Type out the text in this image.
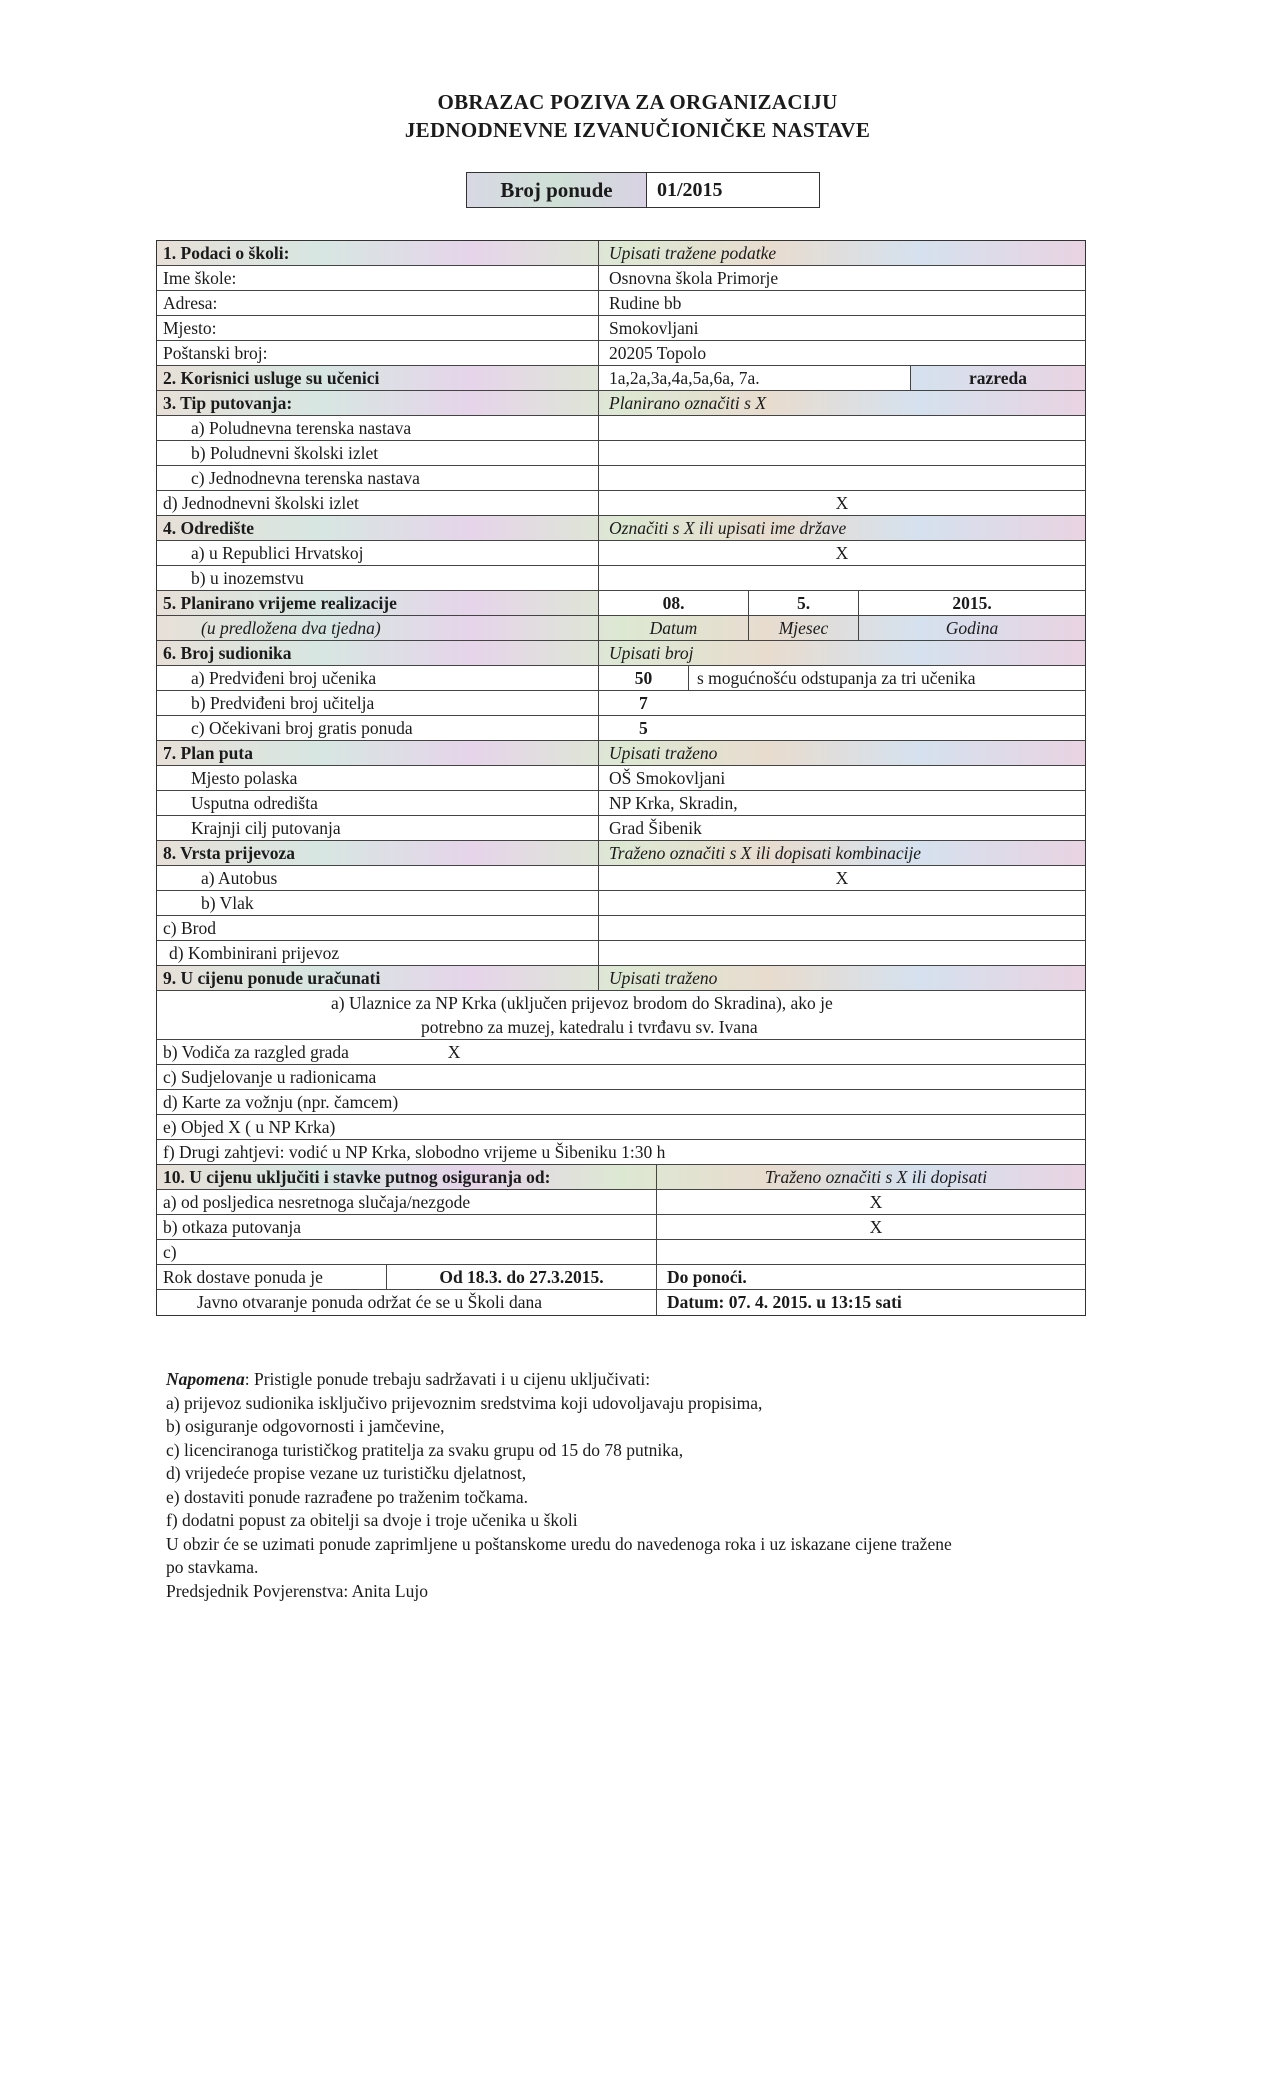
OBRAZAC POZIVA ZA ORGANIZACIJU
JEDNODNEVNE IZVANUČIONIČKE NASTAVE
Broj ponude	01/2015
1. Podaci o školi:	Upisati tražene podatke
Ime škole:	Osnovna škola Primorje
Adresa:	Rudine bb
Mjesto:	Smokovljani
Poštanski broj:	20205 Topolo
2. Korisnici usluge su učenici	1a,2a,3a,4a,5a,6a, 7a.	razreda
3. Tip putovanja:	Planirano označiti s X
a) Poludnevna terenska nastava
b) Poludnevni školski izlet
c) Jednodnevna terenska nastava
d) Jednodnevni školski izlet	X
4. Odredište	Označiti s X ili upisati ime države
a) u Republici Hrvatskoj	X
b) u inozemstvu
5. Planirano vrijeme realizacije	08.	5.	2015.
(u predložena dva tjedna)	Datum	Mjesec	Godina
6. Broj sudionika	Upisati broj
a) Predviđeni broj učenika	50	s mogućnošću odstupanja za tri učenika
b) Predviđeni broj učitelja	7
c) Očekivani broj gratis ponuda	5
7. Plan puta	Upisati traženo
Mjesto polaska	OŠ Smokovljani
Usputna odredišta	NP Krka, Skradin,
Krajnji cilj putovanja	Grad Šibenik
8. Vrsta prijevoza	Traženo označiti s X ili dopisati kombinacije
a) Autobus	X
b) Vlak
c) Brod
d) Kombinirani prijevoz
9. U cijenu ponude uračunati	Upisati traženo
a) Ulaznice za NP Krka (uključen prijevoz brodom do Skradina), ako je
potrebno za muzej, katedralu i tvrđavu sv. Ivana
b) Vodiča za razgled grada	X
c) Sudjelovanje u radionicama
d) Karte za vožnju (npr. čamcem)
e) Objed X ( u NP Krka)
f) Drugi zahtjevi: vodić u NP Krka, slobodno vrijeme u Šibeniku 1:30 h
10. U cijenu uključiti i stavke putnog osiguranja od:	Traženo označiti s X ili dopisati
a) od posljedica nesretnoga slučaja/nezgode	X
b) otkaza putovanja	X
c)
Rok dostave ponuda je	Od 18.3. do 27.3.2015.	Do ponoći.
Javno otvaranje ponuda održat će se u Školi dana	Datum: 07. 4. 2015. u 13:15 sati

Napomena: Pristigle ponude trebaju sadržavati i u cijenu uključivati:

a) prijevoz sudionika isključivo prijevoznim sredstvima koji udovoljavaju propisima,

b) osiguranje odgovornosti i jamčevine,

c) licenciranoga turističkog pratitelja za svaku grupu od 15 do 78 putnika,

d) vrijedeće propise vezane uz turističku djelatnost,

e) dostaviti ponude razrađene po traženim točkama.

f) dodatni popust za obitelji sa dvoje i troje učenika u školi

U obzir će se uzimati ponude zaprimljene u poštanskome uredu do navedenoga roka i uz iskazane cijene tražene

po stavkama.

Predsjednik Povjerenstva: Anita Lujo
